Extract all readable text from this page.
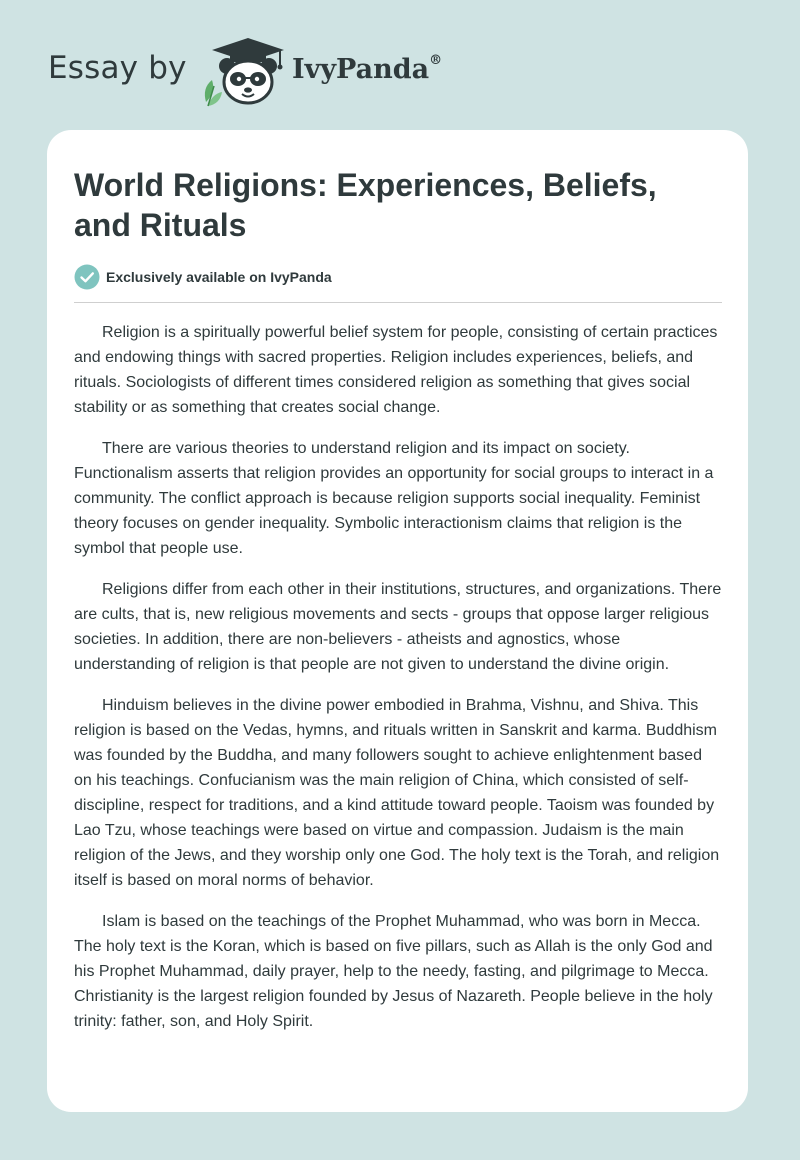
Essay by	IvyPanda®
World Religions: Experiences, Beliefs, and Rituals
Exclusively available on IvyPanda

Religion is a spiritually powerful belief system for people, consisting of certain practices and endowing things with sacred properties. Religion includes experiences, beliefs, and rituals. Sociologists of different times considered religion as something that gives social stability or as something that creates social change.

There are various theories to understand religion and its impact on society. Functionalism asserts that religion provides an opportunity for social groups to interact in a community. The conflict approach is because religion supports social inequality. Feminist theory focuses on gender inequality. Symbolic interactionism claims that religion is the symbol that people use.

Religions differ from each other in their institutions, structures, and organizations. There are cults, that is, new religious movements and sects - groups that oppose larger religious societies. In addition, there are non-believers - atheists and agnostics, whose understanding of religion is that people are not given to understand the divine origin.

Hinduism believes in the divine power embodied in Brahma, Vishnu, and Shiva. This religion is based on the Vedas, hymns, and rituals written in Sanskrit and karma. Buddhism was founded by the Buddha, and many followers sought to achieve enlightenment based on his teachings. Confucianism was the main religion of China, which consisted of self-discipline, respect for traditions, and a kind attitude toward people. Taoism was founded by Lao Tzu, whose teachings were based on virtue and compassion. Judaism is the main religion of the Jews, and they worship only one God. The holy text is the Torah, and religion itself is based on moral norms of behavior.

Islam is based on the teachings of the Prophet Muhammad, who was born in Mecca. The holy text is the Koran, which is based on five pillars, such as Allah is the only God and his Prophet Muhammad, daily prayer, help to the needy, fasting, and pilgrimage to Mecca. Christianity is the largest religion founded by Jesus of Nazareth. People believe in the holy trinity: father, son, and Holy Spirit.
